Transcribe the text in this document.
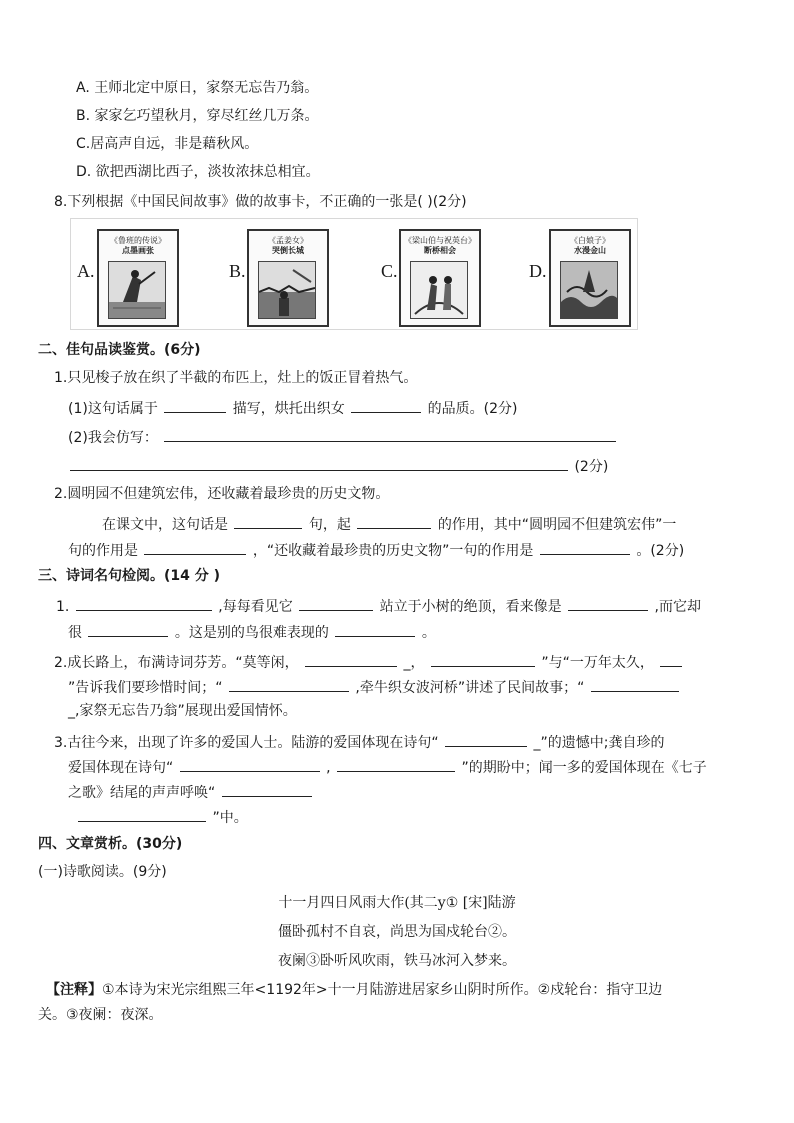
A. 王师北定中原日，家祭无忘告乃翁。
B. 家家乞巧望秋月，穿尽红丝几万条。
C.居高声自远，非是藉秋风。
D. 欲把西湖比西子，淡妆浓抹总相宜。
8.下列根据《中国民间故事》做的故事卡，不正确的一张是( )(2分)
A.
《鲁班的传说》
点墨画张
B.
《孟姜女》
哭倒长城
C.
《梁山伯与祝英台》
断桥相会
D.
《白娘子》
水漫金山
二、佳句品读鉴赏。(6分)
1.只见梭子放在织了半截的布匹上，灶上的饭正冒着热气。
(1)这句话属于	描写，烘托出织女	的品质。(2分)
(2)我会仿写：
(2分)
2.圆明园不但建筑宏伟，还收藏着最珍贵的历史文物。
在课文中，这句话是	句，起	的作用，其中“圆明园不但建筑宏伟”一
句的作用是	，“还收藏着最珍贵的历史文物”一句的作用是	。(2分)
三、诗词名句检阅。(14 分 )
1.	,每每看见它	站立于小树的绝顶，看来像是	,而它却
很	。这是别的鸟很难表现的	。
2.成长路上，布满诗词芬芳。“莫等闲，	_，	”与“一万年太久，
”告诉我们要珍惜时间；“	,牵牛织女波河桥”讲述了民间故事；“
_,家祭无忘告乃翁”展现出爱国情怀。
3.古往今来，出现了许多的爱国人士。陆游的爱国体现在诗句“	_”的遗憾中;龚自珍的
爱国体现在诗句“	,	”的期盼中；闻一多的爱国体现在《七子
之歌》结尾的声声呼唤“
”中。
四、文章赏析。(30分)
(一)诗歌阅读。(9分)
十一月四日风雨大作(其二y① [宋]陆游
僵卧孤村不自哀，尚思为国戍轮台②。
夜阑③卧听风吹雨，铁马冰河入梦来。
【注释】①本诗为宋光宗组熙三年<1192年>十一月陆游进居家乡山阴时所作。②戍轮台：指守卫边
关。③夜阑：夜深。
